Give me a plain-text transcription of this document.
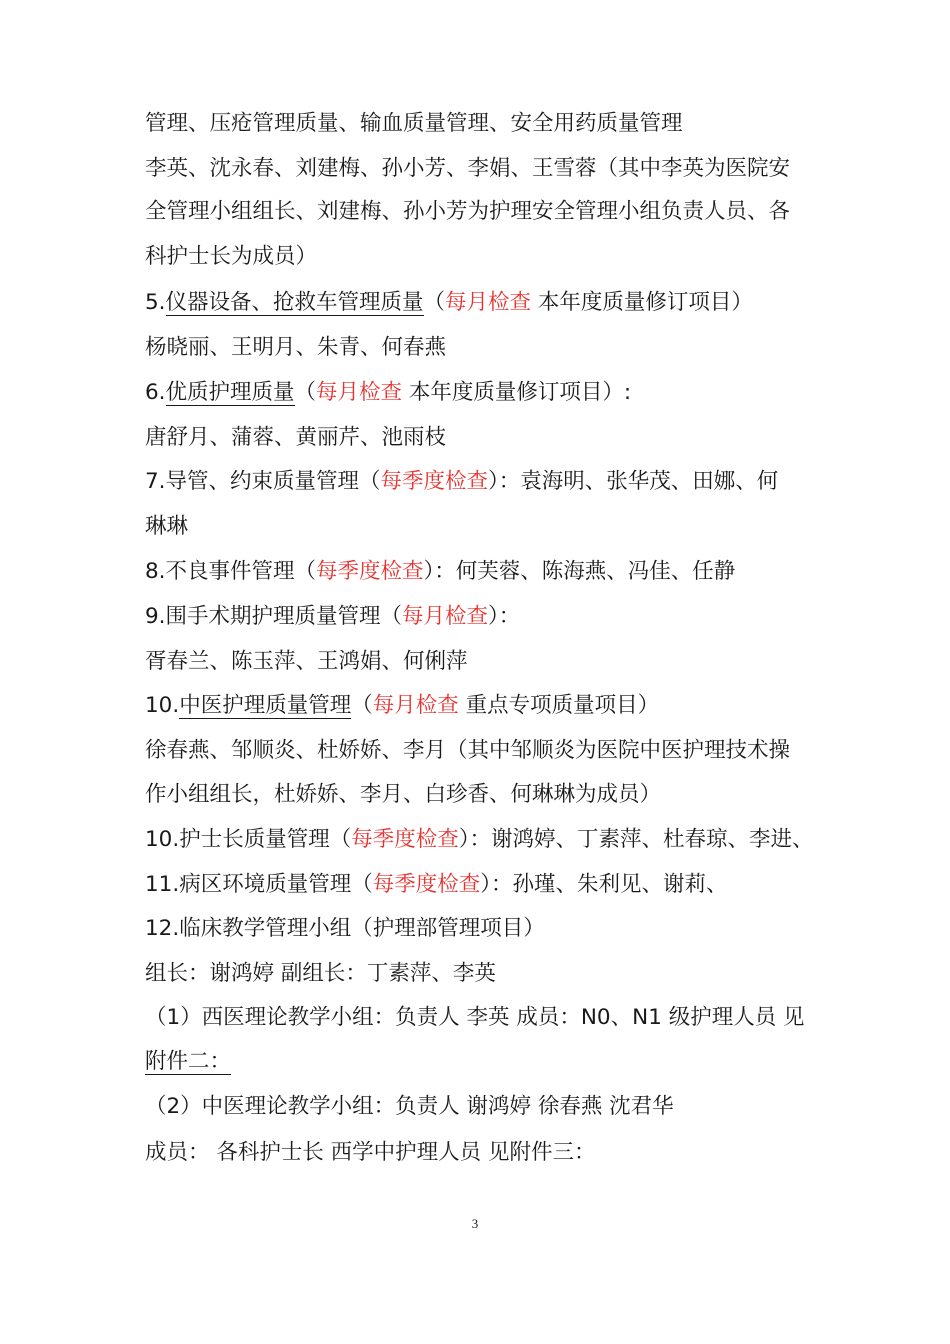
管理、压疮管理质量、输血质量管理、安全用药质量管理
李英、沈永春、刘建梅、孙小芳、李娟、王雪蓉（其中李英为医院安
全管理小组组长、刘建梅、孙小芳为护理安全管理小组负责人员、各
科护士长为成员）
5.仪器设备、抢救车管理质量（每月检查 本年度质量修订项目）
杨晓丽、王明月、朱青、何春燕
6.优质护理质量（每月检查 本年度质量修订项目）:
唐舒月、蒲蓉、黄丽芹、池雨枝
7.导管、约束质量管理（每季度检查）：袁海明、张华茂、田娜、何
琳琳
8.不良事件管理（每季度检查）：何芙蓉、陈海燕、冯佳、任静
9.围手术期护理质量管理（每月检查）：
胥春兰、陈玉萍、王鸿娟、何俐萍
10.中医护理质量管理（每月检查 重点专项质量项目）
徐春燕、邹顺炎、杜娇娇、李月（其中邹顺炎为医院中医护理技术操
作小组组长，杜娇娇、李月、白珍香、何琳琳为成员）
10.护士长质量管理（每季度检查）：谢鸿婷、丁素萍、杜春琼、李进、
11.病区环境质量管理（每季度检查）：孙瑾、朱利见、谢莉、
12.临床教学管理小组（护理部管理项目）
组长：谢鸿婷 副组长：丁素萍、李英
（1）西医理论教学小组：负责人 李英 成员：N0、N1 级护理人员 见
附件二：
（2）中医理论教学小组：负责人 谢鸿婷 徐春燕 沈君华
成员： 各科护士长 西学中护理人员 见附件三：
3
